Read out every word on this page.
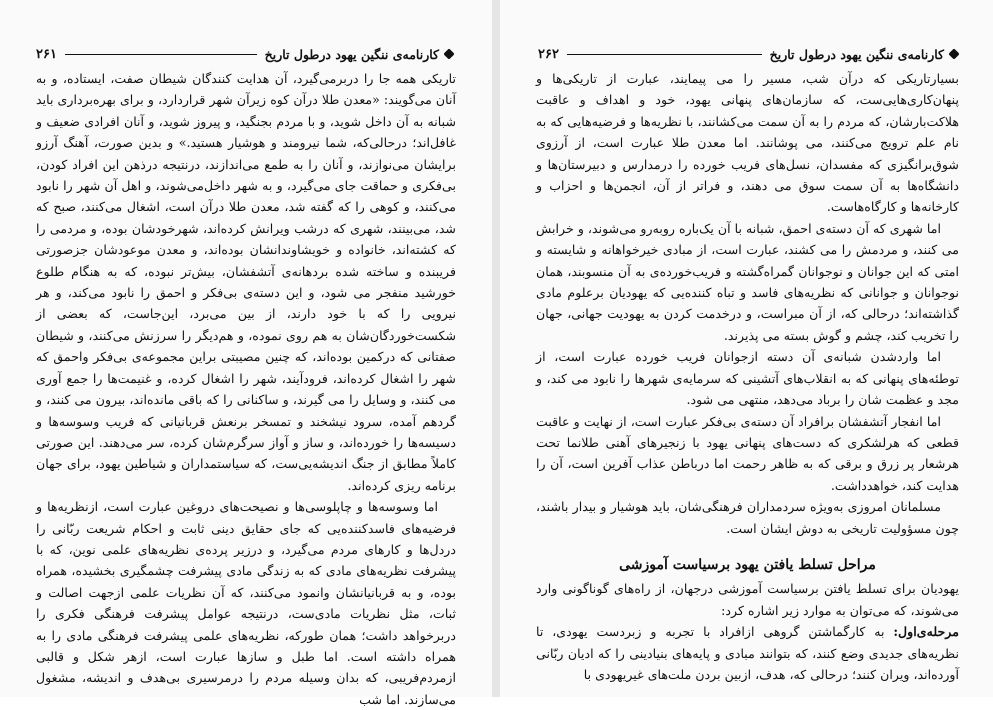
کارنامه‌ی ننگین یهود درطول تاریخ
۲۶۱

تاریکی همه جا را دربرمی‌گیرد، آن هدایت کنندگان شیطان صفت، ایستاده، و به آنان می‌گویند: «معدن طلا درآن کوه زیرآن شهر قراردارد، و برای بهره‌برداری باید شبانه به آن داخل شوید، و با مردم بجنگید، و پیروز شوید، و آنان افرادی ضعیف و غافل‌اند؛ درحالی‌که، شما نیرومند و هوشیار هستید.» و بدین صورت، آهنگ آرزو برایشان می‌نوازند، و آنان را به طمع می‌اندازند، درنتیجه درذهن این افراد کودن، بی‌فکری و حماقت جای می‌گیرد، و به شهر داخل‌می‌شوند، و اهل آن شهر را نابود می‌کنند، و کوهی را که گفته شد، معدن طلا درآن است، اشغال می‌کنند، صبح که شد، می‌بینند، شهری که درشب ویرانش کرده‌اند، شهرخودشان بوده، و مردمی را که کشته‌اند، خانواده و خویشاوندانشان بوده‌اند، و معدن موعودشان جزصورتی فریبنده و ساخته شده بردهانه‌ی آتشفشان، بیش‌تر نبوده، که به هنگام طلوع خورشید منفجر می شود، و این دسته‌ی بی‌فکر و احمق را نابود می‌کند، و هر نیرویی را که با خود دارند، از بین می‌برد، این‌جاست، که بعضی از شکست‌خوردگان‌شان به هم روی نموده، و هم‌دیگر را سرزنش می‌کنند، و شیطان صفتانی که درکمین بوده‌اند، که چنین مصیبتی براین مجموعه‌ی بی‌فکر واحمق که شهر را اشغال کرده‌اند، فرودآیند، شهر را اشغال کرده، و غنیمت‌ها را جمع آوری می کنند، و وسایل را می گیرند، و ساکنانی را که باقی مانده‌اند، بیرون می کنند، و گردهم آمده، سرود نیشخند و تمسخر برنعش قربانیانی که فریب وسوسه‌ها و دسیسه‌ها را خورده‌اند، و ساز و آواز سرگرم‌شان کرده، سر می‌دهند. این صورتی کاملاً مطابق از جنگ اندیشه‌یی‌ست، که سیاستمداران و شیاطین یهود، برای جهان برنامه ریزی کرده‌اند.

اما وسوسه‌ها و چاپلوسی‌ها و نصیحت‌های دروغین عبارت است، ازنظریه‌ها و فرضیه‌های فاسدکننده‌یی که جای حقایق دینی ثابت و احکام شریعت ربّانی را دردل‌ها و کارهای مردم می‌گیرد، و درزیر پرده‌ی نظریه‌های علمی نوین، که با پیشرفت نظریه‌های مادی که به زندگی مادی پیشرفت چشمگیری بخشیده، همراه بوده، و به قربانیانشان وانمود می‌کنند، که آن نظریات علمی ازجهت اصالت و ثبات، مثل نظریات مادی‌ست، درنتیجه عوامل پیشرفت فرهنگی فکری را دربرخواهد داشت؛ همان طورکه، نظریه‌های علمی پیشرفت فرهنگی مادی را به همراه داشته است. اما طبل و سازها عبارت است، ازهر شکل و قالبی ازمردم‌فریبی، که بدان وسیله مردم را درمرسیری بی‌هدف و اندیشه، مشغول می‌سازند. اما شب

کارنامه‌ی ننگین یهود درطول تاریخ
۲۶۲

بسیارتاریکی که درآن شب، مسیر را می پیمایند، عبارت از تاریکی‌ها و پنهان‌کاری‌هایی‌ست، که سازمان‌های پنهانی یهود، خود و اهداف و عاقبت هلاکت‌بارشان، که مردم را به آن سمت می‌کشانند، با نظریه‌ها و فرضیه‌هایی که به نام علم ترویج می‌کنند، می پوشانند. اما معدن طلا عبارت است، از آرزوی شوق‌برانگیزی که مفسدان، نسل‌های فریب خورده را درمدارس و دبیرستان‌ها و دانشگاه‌ها به آن سمت سوق می دهند، و فراتر از آن، انجمن‌ها و احزاب و کارخانه‌ها و کارگاه‌هاست.

اما شهری که آن دسته‌ی احمق، شبانه با آن یک‌باره روبه‌رو می‌شوند، و خرابش می کنند، و مردمش را می کشند، عبارت است، از مبادی خیرخواهانه و شایسته و امتی که این جوانان و نوجوانان گمراه‌گشته و فریب‌خورده‌ی به آن منسوبند، همان نوجوانان و جوانانی که نظریه‌های فاسد و تباه کننده‌یی که یهودیان برعلوم مادی گذاشته‌اند؛ درحالی که، از آن مبراست، و درخدمت کردن به یهودیت جهانی، جهان را تخریب کند، چشم و گوش بسته می پذیرند.

اما واردشدن شبانه‌ی آن دسته ازجوانان فریب خورده عبارت است، از توطئه‌های پنهانی که به انقلاب‌های آتشینی که سرمایه‌ی شهرها را نابود می کند، و مجد و عظمت شان را برباد می‌دهد، منتهی می شود.

اما انفجار آتشفشان برافراد آن دسته‌ی بی‌فکر عبارت است، از نهایت و عاقبت قطعی که هرلشکری که دست‌های پنهانی یهود با زنجیرهای آهنی طلانما تحت هرشعار پر زرق و برقی که به ظاهر رحمت اما درباطن عذاب آفرین است، آن را هدایت کند، خواهدداشت.

مسلمانان امروزی به‌ویژه سردمداران فرهنگی‌شان، باید هوشیار و بیدار باشند، چون مسؤولیت تاریخی به دوش ایشان است.

مراحل تسلط یافتن یهود برسیاست آموزشی

یهودیان برای تسلط یافتن برسیاست آموزشی درجهان، از راه‌های گوناگونی وارد می‌شوند، که می‌توان به موارد زیر اشاره کرد:

مرحله‌ی‌اول: به کارگماشتن گروهی ازافراد با تجربه و زبردست یهودی، تا نظریه‌های جدیدی وضع کنند، که بتوانند مبادی و پایه‌های بنیادینی را که ادیان ربّانی آورده‌اند، ویران کنند؛ درحالی که، هدف، ازبین بردن ملت‌های غیریهودی با
